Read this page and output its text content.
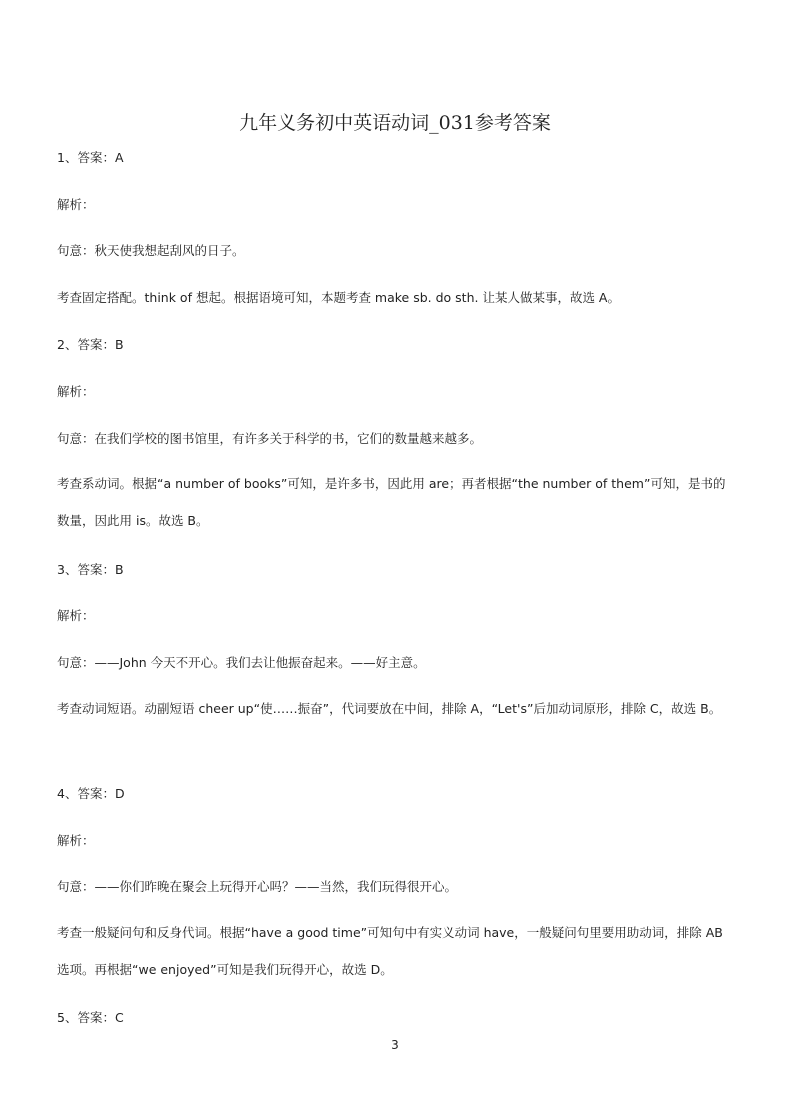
九年义务初中英语动词_031参考答案
1、答案：A
解析：
句意：秋天使我想起刮风的日子。
考查固定搭配。think of 想起。根据语境可知，本题考查 make sb. do sth. 让某人做某事，故选 A。
2、答案：B
解析：
句意：在我们学校的图书馆里，有许多关于科学的书，它们的数量越来越多。
考查系动词。根据“a number of books”可知，是许多书，因此用 are；再者根据“the number of them”可知，是书的数量，因此用 is。故选 B。
3、答案：B
解析：
句意：——John 今天不开心。我们去让他振奋起来。——好主意。
考查动词短语。动副短语 cheer up“使……振奋”，代词要放在中间，排除 A，“Let's”后加动词原形，排除 C，故选 B。
4、答案：D
解析：
句意：——你们昨晚在聚会上玩得开心吗？——当然，我们玩得很开心。
考查一般疑问句和反身代词。根据“have a good time”可知句中有实义动词 have，一般疑问句里要用助动词，排除 AB 选项。再根据“we enjoyed”可知是我们玩得开心，故选 D。
5、答案：C
3
